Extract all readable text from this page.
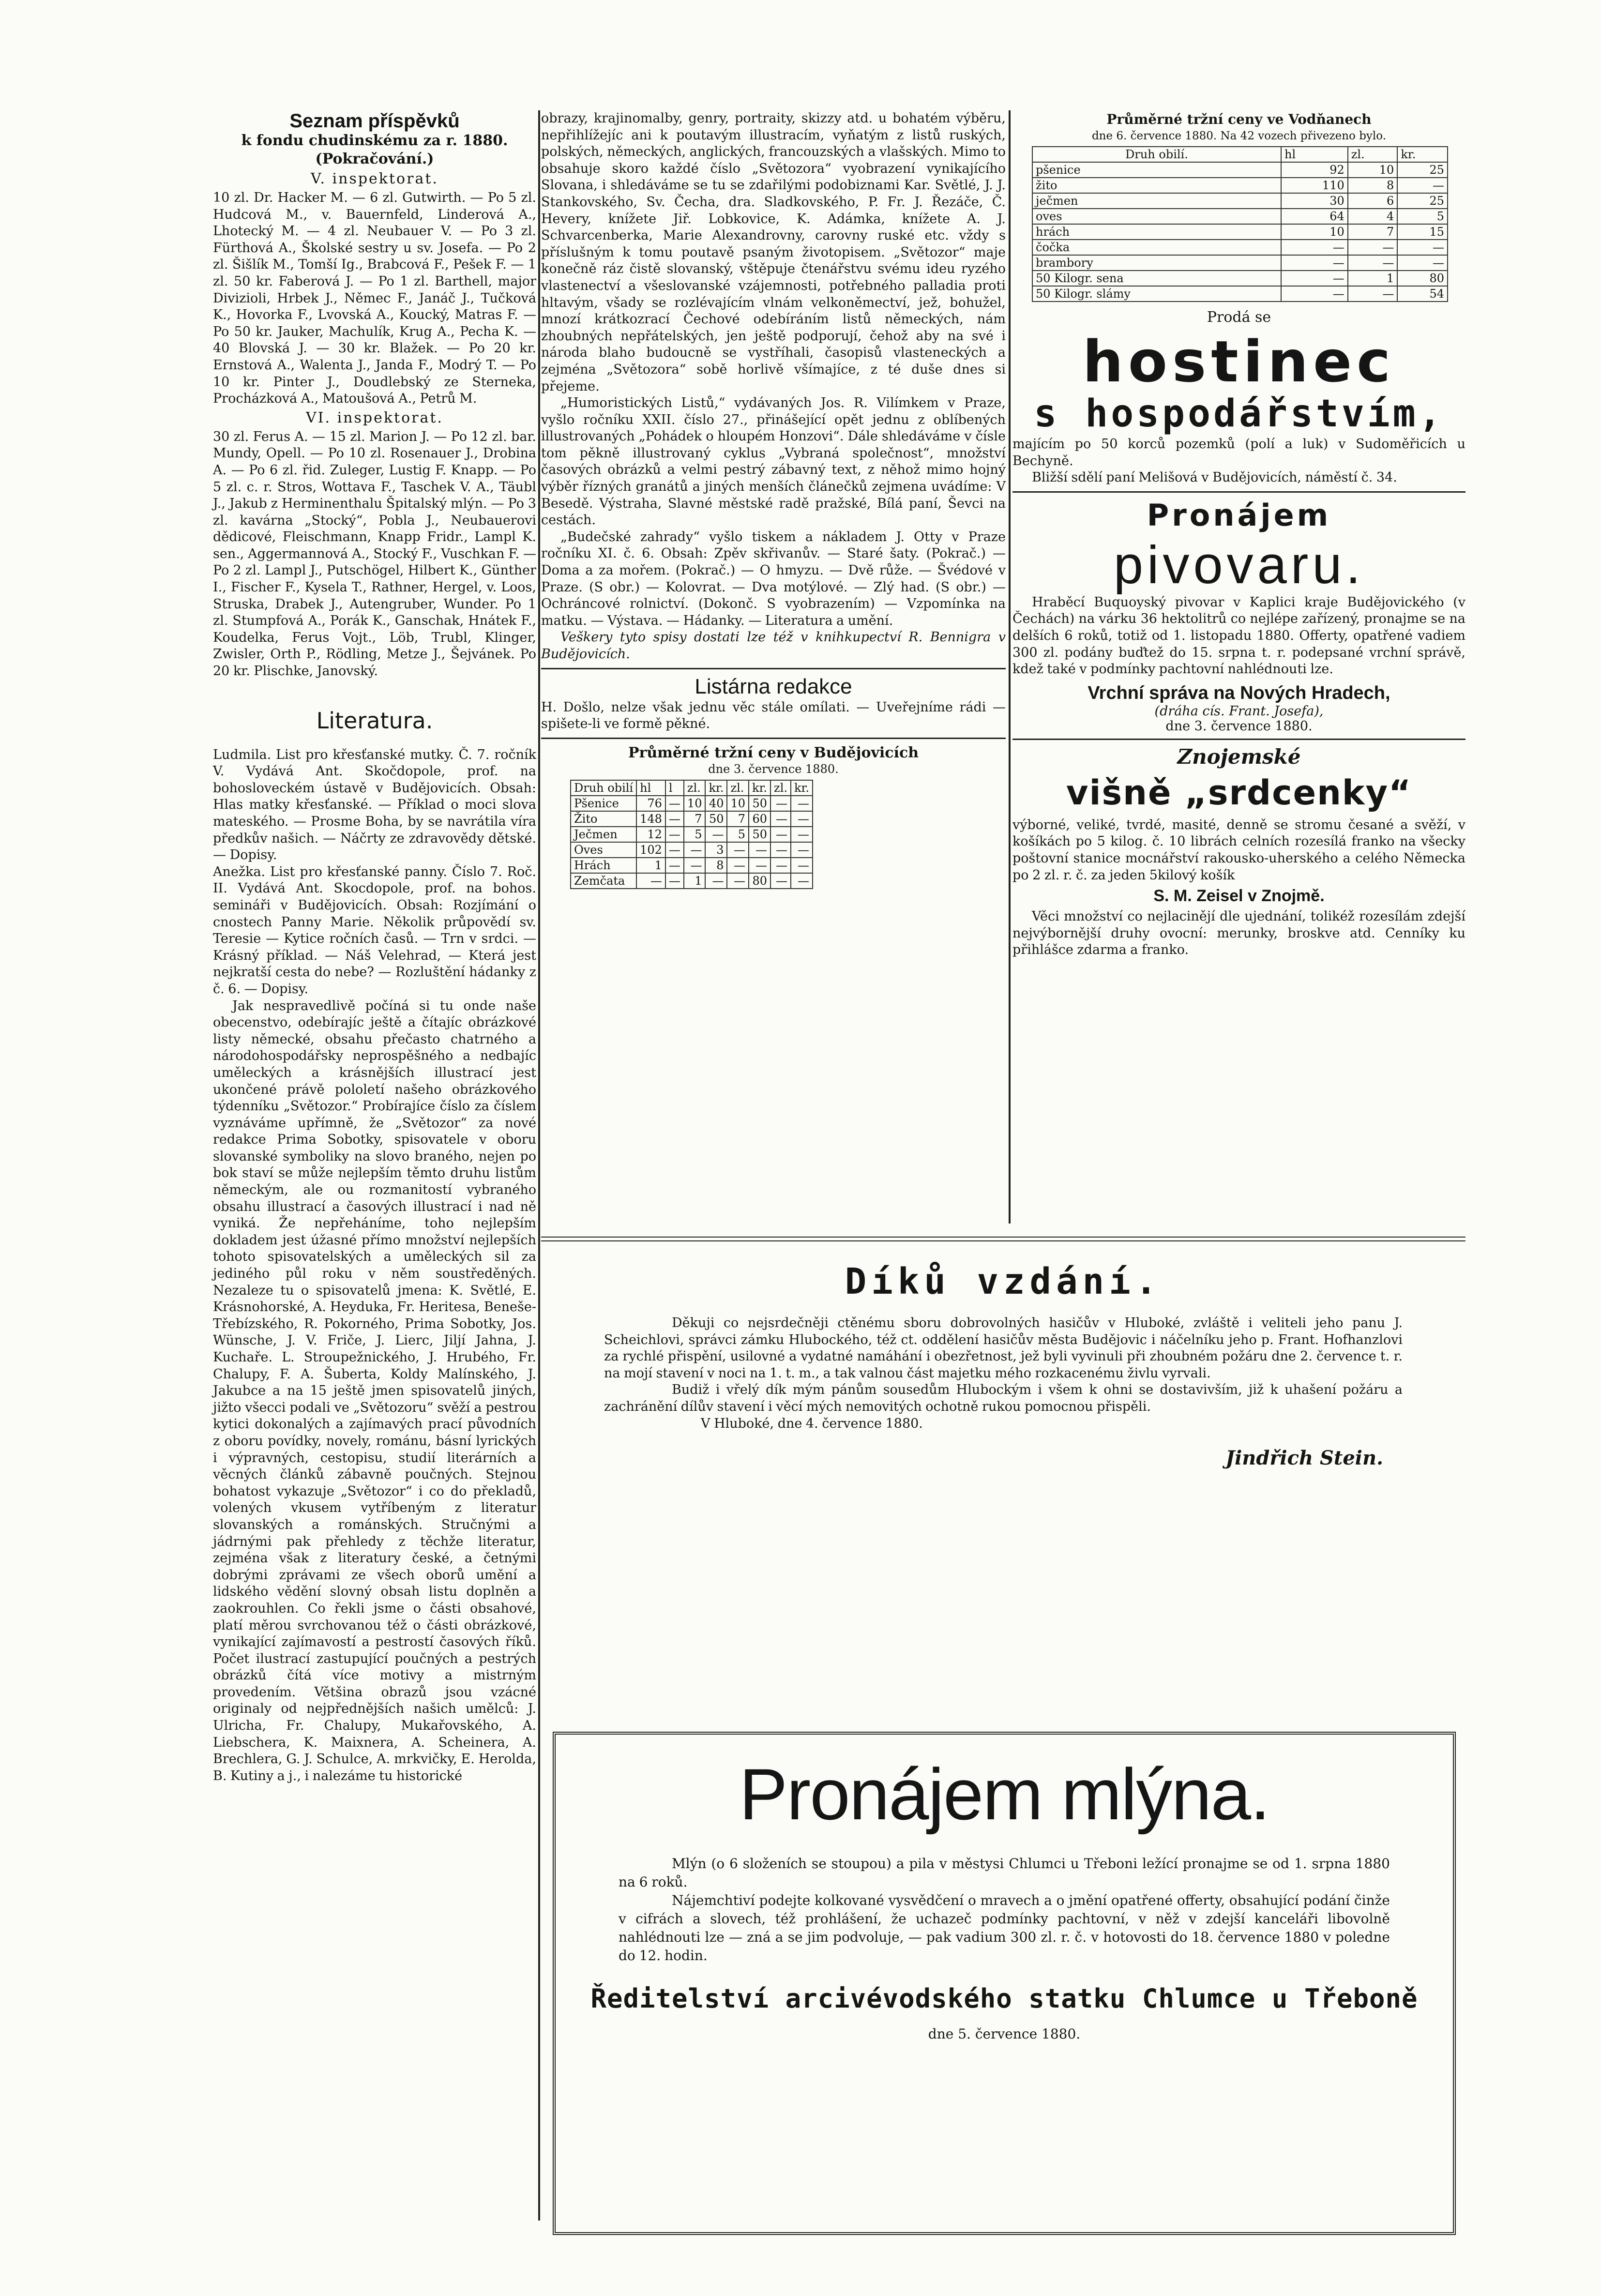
Seznam příspěvků

k fondu chudinskému za r. 1880.

(Pokračování.)

V. inspektorat.

10 zl. Dr. Hacker M. — 6 zl. Gutwirth. — Po 5 zl. Hudcová M., v. Bauernfeld, Linderová A., Lhotecký M. — 4 zl. Neubauer V. — Po 3 zl. Fürthová A., Školské sestry u sv. Josefa. — Po 2 zl. Šišlík M., Tomší Ig., Brabcová F., Pešek F. — 1 zl. 50 kr. Faberová J. — Po 1 zl. Barthell, major Divizioli, Hrbek J., Němec F., Janáč J., Tučková K., Hovorka F., Lvovská A., Koucký, Matras F. — Po 50 kr. Jauker, Machulík, Krug A., Pecha K. — 40 Blovská J. — 30 kr. Blažek. — Po 20 kr. Ernstová A., Walenta J., Janda F., Modrý T. — Po 10 kr. Pinter J., Doudlebský ze Sterneka, Procházková A., Matoušová A., Petrů M.

VI. inspektorat.

30 zl. Ferus A. — 15 zl. Marion J. — Po 12 zl. bar. Mundy, Opell. — Po 10 zl. Rosenauer J., Drobina A. — Po 6 zl. řid. Zuleger, Lustig F. Knapp. — Po 5 zl. c. r. Stros, Wottava F., Taschek V. A., Täubl J., Jakub z Herminenthalu Špitalský mlýn. — Po 3 zl. kavárna „Stocký“, Pobla J., Neubauerovi dědicové, Fleischmann, Knapp Fridr., Lampl K. sen., Aggermannová A., Stocký F., Vuschkan F. — Po 2 zl. Lampl J., Putschögel, Hilbert K., Günther I., Fischer F., Kysela T., Rathner, Hergel, v. Loos, Struska, Drabek J., Autengruber, Wunder. Po 1 zl. Stumpfová A., Porák K., Ganschak, Hnátek F., Koudelka, Ferus Vojt., Löb, Trubl, Klinger, Zwisler, Orth P., Rödling, Metze J., Šejvánek. Po 20 kr. Plischke, Janovský.

Literatura.

Ludmila. List pro křesťanské mutky. Č. 7. ročník V. Vydává Ant. Skočdopole, prof. na bohosloveckém ústavě v Budějovicích. Obsah: Hlas matky křesťanské. — Příklad o moci slova mateského. — Prosme Boha, by se navrátila víra předkův našich. — Náčrty ze zdravovědy dětské. — Dopisy.

Anežka. List pro křesťanské panny. Číslo 7. Roč. II. Vydává Ant. Skocdopole, prof. na bohos. semináři v Budějovicích. Obsah: Rozjímání o cnostech Panny Marie. Několik průpovědí sv. Teresie — Kytice ročních časů. — Trn v srdci. — Krásný příklad. — Náš Velehrad, — Která jest nejkratší cesta do nebe? — Rozluštění hádanky z č. 6. — Dopisy.

Jak nespravedlivě počíná si tu onde naše obecenstvo, odebírajíc ještě a čítajíc obrázkové listy německé, obsahu přečasto chatrného a národohospodářsky neprospěšného a nedbajíc uměleckých a krásnějších illustrací jest ukončené právě pololetí našeho obrázkového týdenníku „Světozor.“ Probírajíce číslo za číslem vyznáváme upřímně, že „Světozor“ za nové redakce Prima Sobotky, spisovatele v oboru slovanské symboliky na slovo braného, nejen po bok staví se může nejlepším těmto druhu listům německým, ale ou rozmanitostí vybraného obsahu illustrací a časových illustrací i nad ně vyniká. Že nepřeháníme, toho nejlepším dokladem jest úžasné přímo množství nejlepších tohoto spisovatelských a uměleckých sil za jediného půl roku v něm soustředěných. Nezaleze tu o spisovatelů jmena: K. Světlé, E. Krásnohorské, A. Heyduka, Fr. Heritesa, Beneše-Třebízského, R. Pokorného, Prima Sobotky, Jos. Wünsche, J. V. Friče, J. Lierc, Jiljí Jahna, J. Kuchaře. L. Stroupežnického, J. Hrubého, Fr. Chalupy, F. A. Šuberta, Koldy Malínského, J. Jakubce a na 15 ještě jmen spisovatelů jiných, jižto všecci podali ve „Světozoru“ svěží a pestrou kytici dokonalých a zajímavých prací původních z oboru povídky, novely, románu, básní lyrických i výpravných, cestopisu, studií literárních a věcných článků zábavně poučných. Stejnou bohatost vykazuje „Světozor“ i co do překladů, volených vkusem vytříbeným z literatur slovanských a románských. Stručnými a jádrnými pak přehledy z těchže literatur, zejména však z literatury české, a četnými dobrými zprávami ze všech oborů umění a lidského vědění slovný obsah listu doplněn a zaokrouhlen. Co řekli jsme o části obsahové, platí měrou svrchovanou též o části obrázkové, vynikající zajímavostí a pestrostí časových říků. Počet ilustrací zastupující poučných a pestrých obrázků čítá více motivy a mistrným provedením. Většina obrazů jsou vzácné originaly od nejpřednějších našich umělců: J. Ulricha, Fr. Chalupy, Mukařovského, A. Liebschera, K. Maixnera, A. Scheinera, A. Brechlera, G. J. Schulce, A. mrkvičky, E. Herolda, B. Kutiny a j., i nalezáme tu historické

obrazy, krajinomalby, genry, portraity, skizzy atd. u bohatém výběru, nepřihlížejíc ani k poutavým illustracím, vyňatým z listů ruských, polských, německých, anglických, francouzských a vlašských. Mimo to obsahuje skoro každé číslo „Světozora“ vyobrazení vynikajícího Slovana, i shledáváme se tu se zdařilými podobiznami Kar. Světlé, J. J. Stankovského, Sv. Čecha, dra. Sladkovského, P. Fr. J. Řezáče, Č. Hevery, knížete Jiř. Lobkovice, K. Adámka, knížete A. J. Schvarcenberka, Marie Alexandrovny, carovny ruské etc. vždy s příslušným k tomu poutavě psaným životopisem. „Světozor“ maje konečně ráz čistě slovanský, vštěpuje čtenářstvu svému ideu ryzého vlastenectví a všeslovanské vzájemnosti, potřebného palladia proti hltavým, všady se rozlévajícím vlnám velkoněmectví, jež, bohužel, mnozí krátkozrací Čechové odebíráním listů německých, nám zhoubných nepřátelských, jen ještě podporují, čehož aby na své i národa blaho budoucně se vystříhali, časopisů vlasteneckých a zejména „Světozora“ sobě horlivě všímajíce, z té duše dnes si přejeme.

„Humoristických Listů,“ vydávaných Jos. R. Vilímkem v Praze, vyšlo ročníku XXII. číslo 27., přinášející opět jednu z oblíbených illustrovaných „Pohádek o hloupém Honzovi“. Dále shledáváme v čísle tom pěkně illustrovaný cyklus „Vybraná společnost“, množství časových obrázků a velmi pestrý zábavný text, z něhož mimo hojný výběr řízných granátů a jiných menších článečků zejmena uvádíme: V Besedě. Výstraha, Slavné městské radě pražské, Bílá paní, Ševci na cestách.

„Budečské zahrady“ vyšlo tiskem a nákladem J. Otty v Praze ročníku XI. č. 6. Obsah: Zpěv skřivanův. — Staré šaty. (Pokrač.) — Doma a za mořem. (Pokrač.) — O hmyzu. — Dvě růže. — Švédové v Praze. (S obr.) — Kolovrat. — Dva motýlové. — Zlý had. (S obr.) — Ochráncové rolnictví. (Dokonč. S vyobrazením) — Vzpomínka na matku. — Výstava. — Hádanky. — Literatura a umění.

Veškery tyto spisy dostati lze též v knihkupectví R. Bennigra v Budějovicích.

Listárna redakce

H. Došlo, nelze však jednu věc stále omílati. — Uveřejníme rádi — spišete-li ve formě pěkné.

Průměrné tržní ceny v Budějovicích

dne 3. července 1880.

Druh obilí	hl	l	zl.	kr.	zl.	kr.	zl.	kr.
Pšenice	76	—	10	40	10	50	—	—
Žito	148	—	7	50	7	60	—	—
Ječmen	12	—	5	—	5	50	—	—
Oves	102	—	—	3	—	—	—	—
Hrách	1	—	—	8	—	—	—	—
Zemčata	—	—	1	—	—	80	—	—

Průměrné tržní ceny ve Vodňanech

dne 6. července 1880. Na 42 vozech přivezeno bylo.

Druh obilí.	hl	zl.	kr.
pšenice	92	10	25
žito	110	8	—
ječmen	30	6	25
oves	64	4	5
hrách	10	7	15
čočka	—	—	—
brambory	—	—	—
50 Kilogr. sena	—	1	80
50 Kilogr. slámy	—	—	54

Prodá se

hostinec

s hospodářstvím,

majícím po 50 korců pozemků (polí a luk) v Sudoměřicích u Bechyně.

Bližší sdělí paní Melišová v Budějovicích, náměstí č. 34.

Pronájem

pivovaru.

Hraběcí Buquoyský pivovar v Kaplici kraje Budějovického (v Čechách) na várku 36 hektolitrů co nejlépe zařízený, pronajme se na delších 6 roků, totiž od 1. listopadu 1880. Offerty, opatřené vadiem 300 zl. podány buďtež do 15. srpna t. r. podepsané vrchní správě, kdež také v podmínky pachtovní nahlédnouti lze.

Vrchní správa na Nových Hradech,

(dráha cís. Frant. Josefa),

dne 3. července 1880.

Znojemské

višně „srdcenky“

výborné, veliké, tvrdé, masité, denně se stromu česané a svěží, v košíkách po 5 kilog. č. 10 librách celních rozesílá franko na všecky poštovní stanice mocnářství rakousko-uherského a celého Německa po 2 zl. r. č. za jeden 5kilový košík

S. M. Zeisel v Znojmě.

Věci množství co nejlacinějí dle ujednání, tolikéž rozesílám zdejší nejvýbornější druhy ovocní: merunky, broskve atd. Cenníky ku přihlášce zdarma a franko.

Díků vzdání.

Děkuji co nejsrdečněji ctěnému sboru dobrovolných hasičův v Hluboké, zvláště i veliteli jeho panu J. Scheichlovi, správci zámku Hlubockého, též ct. oddělení hasičův města Budějovic i náčelníku jeho p. Frant. Hofhanzlovi za rychlé přispění, usilovné a vydatné namáhání i obezřetnost, jež byli vyvinuli při zhoubném požáru dne 2. července t. r. na mojí stavení v noci na 1. t. m., a tak valnou část majetku mého rozkacenému živlu vyrvali.

Budiž i vřelý dík mým pánům sousedům Hlubockým i všem k ohni se dostavivším, již k uhašení požáru a zachránění dílův stavení i věcí mých nemovitých ochotně rukou pomocnou přispěli.

V Hluboké, dne 4. července 1880.

Jindřich Stein.

Pronájem mlýna.

Mlýn (o 6 složeních se stoupou) a pila v městysi Chlumci u Třeboni ležící pronajme se od 1. srpna 1880 na 6 roků.

Nájemchtiví podejte kolkované vysvědčení o mravech a o jmění opatřené offerty, obsahující podání činže v cifrách a slovech, též prohlášení, že uchazeč podmínky pachtovní, v něž v zdejší kanceláři libovolně nahlédnouti lze — zná a se jim podvoluje, — pak vadium 300 zl. r. č. v hotovosti do 18. července 1880 v poledne do 12. hodin.

Ředitelství arcivévodského statku Chlumce u Třeboně

dne 5. července 1880.
